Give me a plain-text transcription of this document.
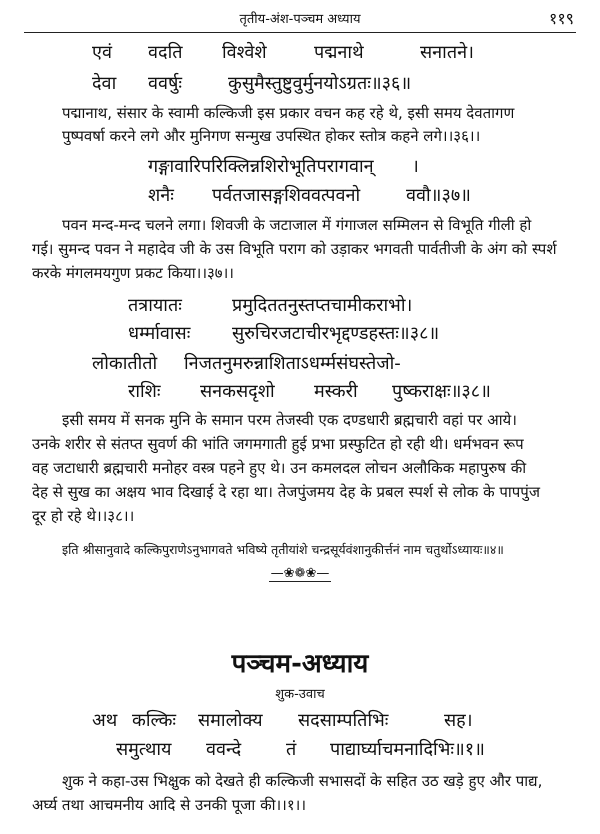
तृतीय-अंश-पञ्चम अध्याय	११९
एवं वदति विश्वेशे	पद्मनाथे	सनातने।
देवा ववर्षुः	कुसुमैस्तुष्टुवुर्मुनयोऽग्रतः॥३६॥
पद्मानाथ, संसार के स्वामी कल्किजी इस प्रकार वचन कह रहे थे, इसी समय देवतागण
पुष्पवर्षा करने लगे और मुनिगण सन्मुख उपस्थित होकर स्तोत्र कहने लगे।।३६।।
गङ्गावारिपरिक्लिन्नशिरोभूतिपरागवान् ।
शनैः पर्वतजासङ्गशिववत्पवनो	ववौ॥३७॥
पवन मन्द-मन्द चलने लगा। शिवजी के जटाजाल में गंगाजल सम्मिलन से विभूति गीली हो
गई। सुमन्द पवन ने महादेव जी के उस विभूति पराग को उड़ाकर भगवती पार्वतीजी के अंग को स्पर्श
करके मंगलमयगुण प्रकट किया।।३७।।
तत्रायातः	प्रमुदिततनुस्तप्तचामीकराभो।
धर्म्मावासः सुरुचिरजटाचीरभृद्दण्डहस्तः॥३८॥
लोकातीतो निजतनुमरुन्नाशिताऽधर्म्मसंघस्तेजो-
राशिः सनकसदृशो मस्करी पुष्कराक्षः॥३८॥
इसी समय में सनक मुनि के समान परम तेजस्वी एक दण्डधारी ब्रह्मचारी वहां पर आये।
उनके शरीर से संतप्त सुवर्ण की भांति जगमगाती हुई प्रभा प्रस्फुटित हो रही थी। धर्मभवन रूप
वह जटाधारी ब्रह्मचारी मनोहर वस्त्र पहने हुए थे। उन कमलदल लोचन अलौकिक महापुरुष की
देह से सुख का अक्षय भाव दिखाई दे रहा था। तेजपुंजमय देह के प्रबल स्पर्श से लोक के पापपुंज
दूर हो रहे थे।।३८।।
इति श्रीसानुवादे कल्किपुराणेऽनुभागवते भविष्ये तृतीयांशे चन्द्रसूर्यवंशानुकीर्त्तनं नाम चतुर्थोऽध्यायः॥४॥
—❀❁❀—
पञ्चम-अध्याय
शुक-उवाच
अथ कल्किः समालोक्य सदसाम्पतिभिः	सह।
समुत्थाय ववन्दे तं पाद्यार्घ्याचमनादिभिः॥१॥
शुक ने कहा-उस भिक्षुक को देखते ही कल्किजी सभासदों के सहित उठ खड़े हुए और पाद्य,
अर्घ्य तथा आचमनीय आदि से उनकी पूजा की।।१।।
